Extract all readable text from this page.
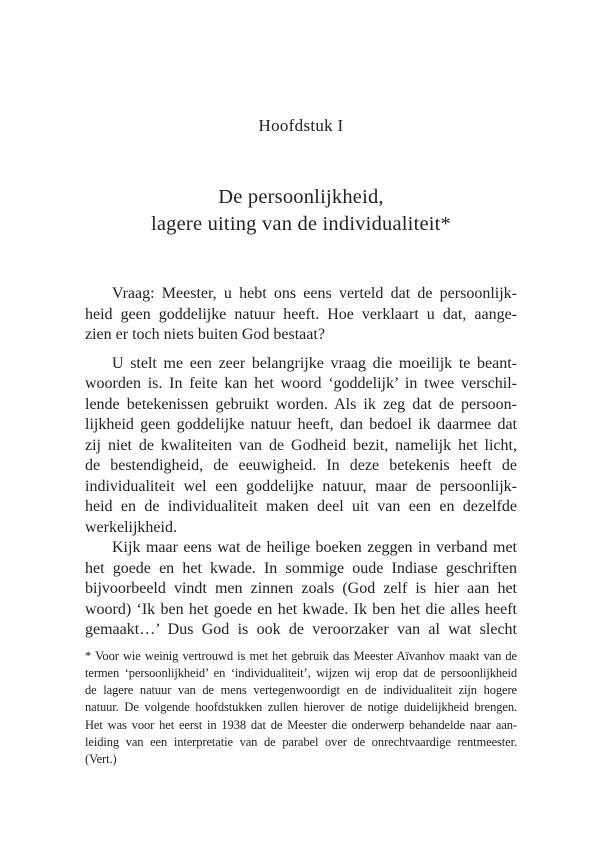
Hoofdstuk I
De persoonlijkheid,
lagere uiting van de individualiteit*
Vraag: Meester, u hebt ons eens verteld dat de persoonlijk-
heid geen goddelijke natuur heeft. Hoe verklaart u dat, aange-
zien er toch niets buiten God bestaat?
U stelt me een zeer belangrijke vraag die moeilijk te beant-
woorden is. In feite kan het woord ‘goddelijk’ in twee verschil-
lende betekenissen gebruikt worden. Als ik zeg dat de persoon-
lijkheid geen goddelijke natuur heeft, dan bedoel ik daarmee dat
zij niet de kwaliteiten van de Godheid bezit, namelijk het licht,
de bestendigheid, de eeuwigheid. In deze betekenis heeft de
individualiteit wel een goddelijke natuur, maar de persoonlijk-
heid en de individualiteit maken deel uit van een en dezelfde
werkelijkheid.
Kijk maar eens wat de heilige boeken zeggen in verband met
het goede en het kwade. In sommige oude Indiase geschriften
bijvoorbeeld vindt men zinnen zoals (God zelf is hier aan het
woord) ‘Ik ben het goede en het kwade. Ik ben het die alles heeft
gemaakt…’ Dus God is ook de veroorzaker van al wat slecht
* Voor wie weinig vertrouwd is met het gebruik das Meester Aïvanhov maakt van de
termen ‘persoonlijkheid’ en ‘individualiteit’, wijzen wij erop dat de persoonlijkheid
de lagere natuur van de mens vertegenwoordigt en de individualiteit zijn hogere
natuur. De volgende hoofdstukken zullen hierover de notige duidelijkheid brengen.
Het was voor het eerst in 1938 dat de Meester die onderwerp behandelde naar aan-
leiding van een interpretatie van de parabel over de onrechtvaardige rentmeester.
(Vert.)
